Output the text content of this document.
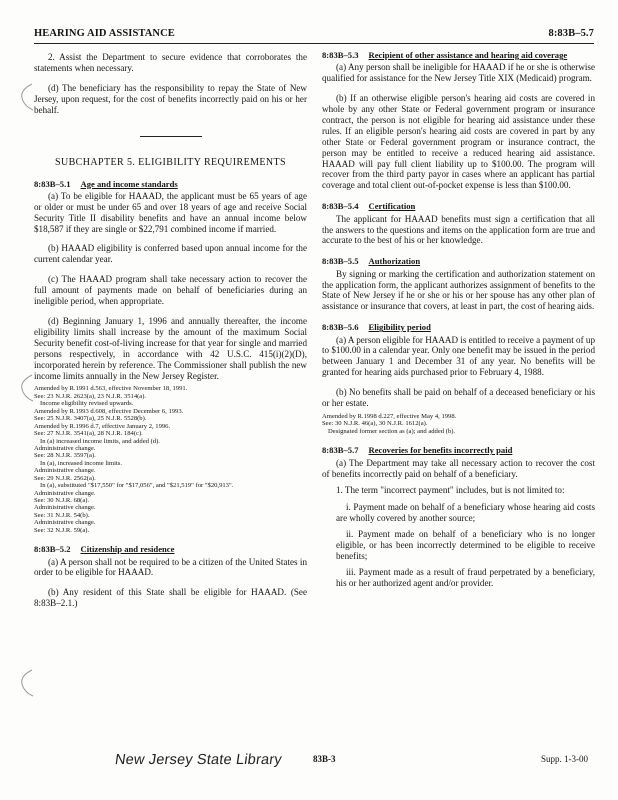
HEARING AID ASSISTANCE	8:83B–5.7

2. Assist the Department to secure evidence that corroborates the statements when necessary.

(d) The beneficiary has the responsibility to repay the State of New Jersey, upon request, for the cost of benefits incorrectly paid on his or her behalf.

SUBCHAPTER 5. ELIGIBILITY REQUIREMENTS
8:83B–5.1 Age and income standards

(a) To be eligible for HAAAD, the applicant must be 65 years of age or older or must be under 65 and over 18 years of age and receive Social Security Title II disability benefits and have an annual income below $18,587 if they are single or $22,791 combined income if married.

(b) HAAAD eligibility is conferred based upon annual income for the current calendar year.

(c) The HAAAD program shall take necessary action to recover the full amount of payments made on behalf of beneficiaries during an ineligible period, when appropriate.

(d) Beginning January 1, 1996 and annually thereafter, the income eligibility limits shall increase by the amount of the maximum Social Security benefit cost-of-living increase for that year for single and married persons respectively, in accordance with 42 U.S.C. 415(i)(2)(D), incorporated herein by reference. The Commissioner shall publish the new income limits annually in the New Jersey Register.

Amended by R.1991 d.563, effective November 18, 1991.
See: 23 N.J.R. 2623(a), 23 N.J.R. 3514(a).
Income eligibility revised upwards.
Amended by R.1993 d.608, effective December 6, 1993.
See: 25 N.J.R. 3407(a), 25 N.J.R. 5528(b).
Amended by R.1996 d.7, effective January 2, 1996.
See: 27 N.J.R. 3541(a), 28 N.J.R. 184(c).
In (a) increased income limits, and added (d).
Administrative change.
See: 28 N.J.R. 3597(a).
In (a), increased income limits.
Administrative change.
See: 29 N.J.R. 2562(a).
In (a), substituted "$17,550" for "$17,056", and "$21,519" for "$20,913".
Administrative change.
See: 30 N.J.R. 68(a).
Administrative change.
See: 31 N.J.R. 54(b).
Administrative change.
See: 32 N.J.R. 59(a).
8:83B–5.2 Citizenship and residence

(a) A person shall not be required to be a citizen of the United States in order to be eligible for HAAAD.

(b) Any resident of this State shall be eligible for HAAAD. (See 8:83B–2.1.)

8:83B–5.3 Recipient of other assistance and hearing aid coverage

(a) Any person shall be ineligible for HAAAD if he or she is otherwise qualified for assistance for the New Jersey Title XIX (Medicaid) program.

(b) If an otherwise eligible person's hearing aid costs are covered in whole by any other State or Federal government program or insurance contract, the person is not eligible for hearing aid assistance under these rules. If an eligible person's hearing aid costs are covered in part by any other State or Federal government program or insurance contract, the person may be entitled to receive a reduced hearing aid assistance. HAAAD will pay full client liability up to $100.00. The program will recover from the third party payor in cases where an applicant has partial coverage and total client out-of-pocket expense is less than $100.00.

8:83B–5.4 Certification

The applicant for HAAAD benefits must sign a certification that all the answers to the questions and items on the application form are true and accurate to the best of his or her knowledge.

8:83B–5.5 Authorization

By signing or marking the certification and authorization statement on the application form, the applicant authorizes assignment of benefits to the State of New Jersey if he or she or his or her spouse has any other plan of assistance or insurance that covers, at least in part, the cost of hearing aids.

8:83B–5.6 Eligibility period

(a) A person eligible for HAAAD is entitled to receive a payment of up to $100.00 in a calendar year. Only one benefit may be issued in the period between January 1 and December 31 of any year. No benefits will be granted for hearing aids purchased prior to February 4, 1988.

(b) No benefits shall be paid on behalf of a deceased beneficiary or his or her estate.

Amended by R.1998 d.227, effective May 4, 1998.
See: 30 N.J.R. 46(a), 30 N.J.R. 1612(a).
Designated former section as (a); and added (b).
8:83B–5.7 Recoveries for benefits incorrectly paid

(a) The Department may take all necessary action to recover the cost of benefits incorrectly paid on behalf of a beneficiary.

1. The term "incorrect payment" includes, but is not limited to:

i. Payment made on behalf of a beneficiary whose hearing aid costs are wholly covered by another source;

ii. Payment made on behalf of a beneficiary who is no longer eligible, or has been incorrectly determined to be eligible to receive benefits;

iii. Payment made as a result of fraud perpetrated by a beneficiary, his or her authorized agent and/or provider.

New Jersey State Library	83B-3	Supp. 1-3-00
